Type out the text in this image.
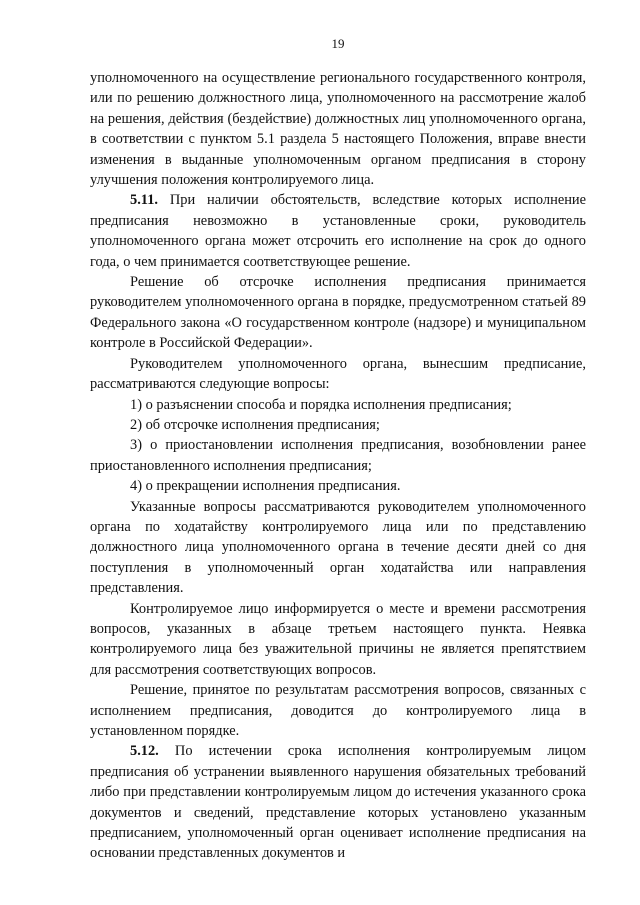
19

уполномоченного на осуществление регионального государственного контроля, или по решению должностного лица, уполномоченного на рассмотрение жалоб на решения, действия (бездействие) должностных лиц уполномоченного органа, в соответствии с пунктом 5.1 раздела 5 настоящего Положения, вправе внести изменения в выданные уполномоченным органом предписания в сторону улучшения положения контролируемого лица.

5.11. При наличии обстоятельств, вследствие которых исполнение предписания невозможно в установленные сроки, руководитель уполномоченного органа может отсрочить его исполнение на срок до одного года, о чем принимается соответствующее решение.

Решение об отсрочке исполнения предписания принимается руководителем уполномоченного органа в порядке, предусмотренном статьей 89 Федерального закона «О государственном контроле (надзоре) и муниципальном контроле в Российской Федерации».

Руководителем уполномоченного органа, вынесшим предписание, рассматриваются следующие вопросы:

1) о разъяснении способа и порядка исполнения предписания;

2) об отсрочке исполнения предписания;

3) о приостановлении исполнения предписания, возобновлении ранее приостановленного исполнения предписания;

4) о прекращении исполнения предписания.

Указанные вопросы рассматриваются руководителем уполномоченного органа по ходатайству контролируемого лица или по представлению должностного лица уполномоченного органа в течение десяти дней со дня поступления в уполномоченный орган ходатайства или направления представления.

Контролируемое лицо информируется о месте и времени рассмотрения вопросов, указанных в абзаце третьем настоящего пункта. Неявка контролируемого лица без уважительной причины не является препятствием для рассмотрения соответствующих вопросов.

Решение, принятое по результатам рассмотрения вопросов, связанных с исполнением предписания, доводится до контролируемого лица в установленном порядке.

5.12. По истечении срока исполнения контролируемым лицом предписания об устранении выявленного нарушения обязательных требований либо при представлении контролируемым лицом до истечения указанного срока документов и сведений, представление которых установлено указанным предписанием, уполномоченный орган оценивает исполнение предписания на основании представленных документов и
